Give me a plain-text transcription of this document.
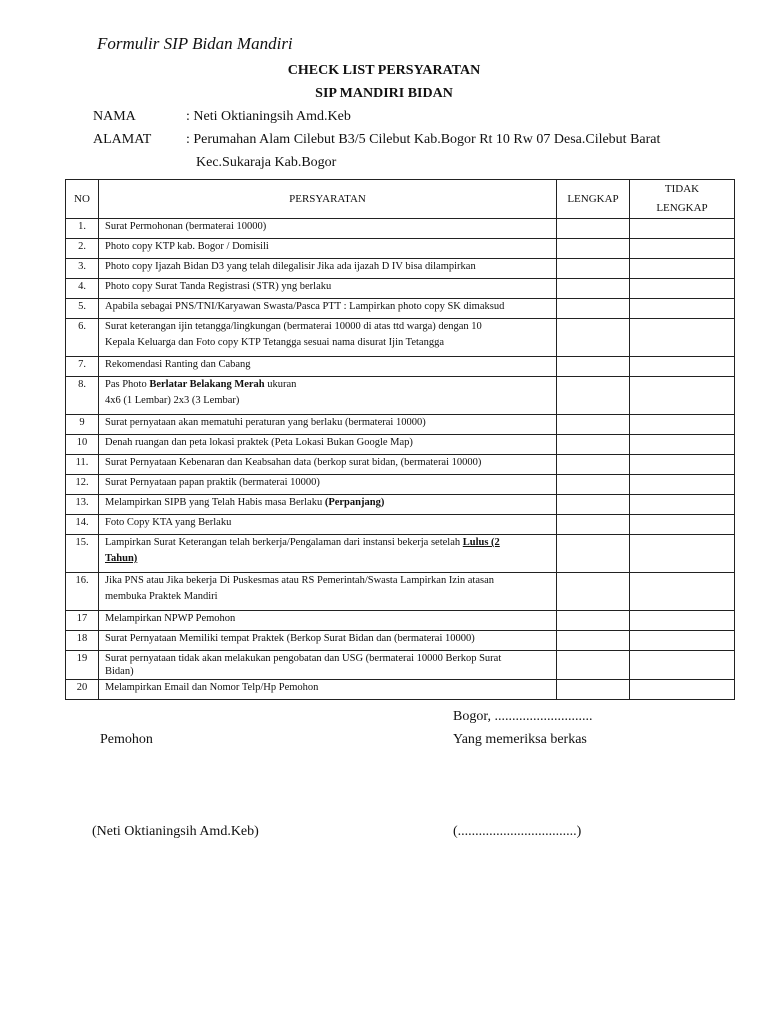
Formulir SIP Bidan Mandiri
CHECK LIST PERSYARATAN
SIP MANDIRI BIDAN
NAMA	: Neti Oktianingsih Amd.Keb
ALAMAT : Perumahan Alam Cilebut B3/5 Cilebut Kab.Bogor Rt 10 Rw 07 Desa.Cilebut Barat
Kec.Sukaraja Kab.Bogor
NO	PERSYARATAN	LENGKAP	TIDAK
LENGKAP
1.	Surat Permohonan (bermaterai 10000)		
2.	Photo copy KTP kab. Bogor / Domisili		
3.	Photo copy Ijazah Bidan D3 yang telah dilegalisir Jika ada ijazah D IV bisa dilampirkan		
4.	Photo copy Surat Tanda Registrasi (STR) yng berlaku		
5.	Apabila sebagai PNS/TNI/Karyawan Swasta/Pasca PTT : Lampirkan photo copy SK dimaksud		
6.	Surat keterangan ijin tetangga/lingkungan (bermaterai 10000 di atas ttd warga) dengan 10
Kepala Keluarga dan Foto copy KTP Tetangga sesuai nama disurat Ijin Tetangga		

7.	Rekomendasi Ranting dan Cabang		
8.	Pas Photo Berlatar Belakang Merah ukuran
4x6 (1 Lembar) 2x3 (3 Lembar)		

9	Surat pernyataan akan mematuhi peraturan yang berlaku (bermaterai 10000)		
10	Denah ruangan dan peta lokasi praktek (Peta Lokasi Bukan Google Map)		
11.	Surat Pernyataan Kebenaran dan Keabsahan data (berkop surat bidan, (bermaterai 10000)		
12.	Surat Pernyataan papan praktik (bermaterai 10000)		
13.	Melampirkan SIPB yang Telah Habis masa Berlaku (Perpanjang)		
14.	Foto Copy KTA yang Berlaku		
15.	Lampirkan Surat Keterangan telah berkerja/Pengalaman dari instansi bekerja setelah Lulus (2
Tahun)		

16.	Jika PNS atau Jika bekerja Di Puskesmas atau RS Pemerintah/Swasta Lampirkan Izin atasan
membuka Praktek Mandiri		

17	Melampirkan NPWP Pemohon		
18	Surat Pernyataan Memiliki tempat Praktek (Berkop Surat Bidan dan (bermaterai 10000)		
19	Surat pernyataan tidak akan melakukan pengobatan dan USG (bermaterai 10000 Berkop Surat
Bidan)		
20	Melampirkan Email dan Nomor Telp/Hp Pemohon		
Bogor, ............................
Pemohon	Yang memeriksa berkas
(Neti Oktianingsih Amd.Keb)	(..................................)
